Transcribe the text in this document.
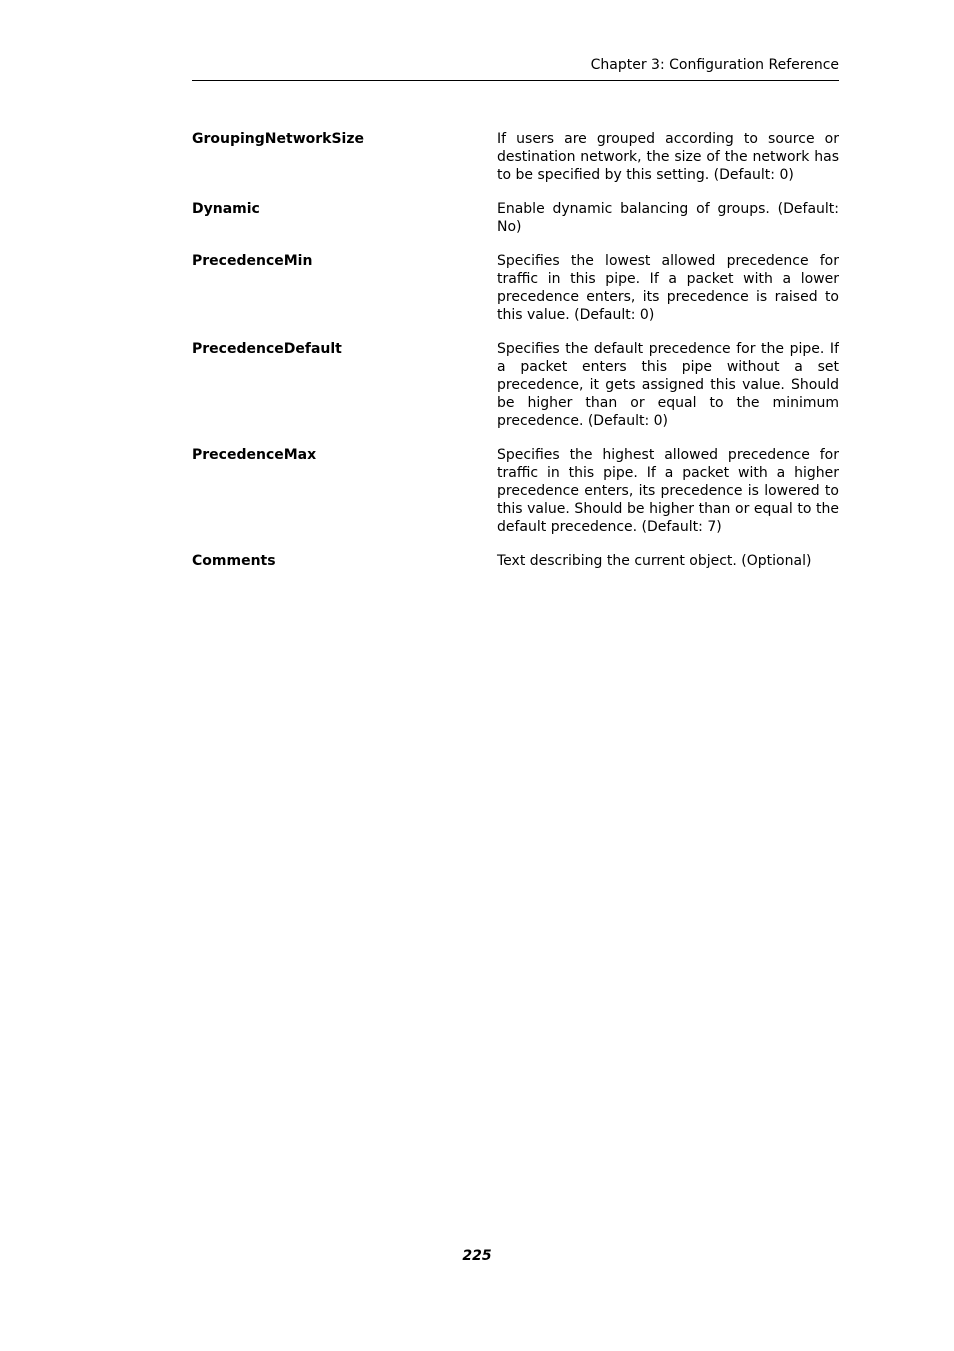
Chapter 3: Configuration Reference
GroupingNetworkSize	If users are grouped according to source or destination network, the size of the network has to be specified by this setting. (Default: 0)
Dynamic	Enable dynamic balancing of groups. (Default: No)
PrecedenceMin	Specifies the lowest allowed precedence for traffic in this pipe. If a packet with a lower precedence enters, its precedence is raised to this value. (Default: 0)
PrecedenceDefault	Specifies the default precedence for the pipe. If a packet enters this pipe without a set precedence, it gets assigned this value. Should be higher than or equal to the minimum precedence. (Default: 0)
PrecedenceMax	Specifies the highest allowed precedence for traffic in this pipe. If a packet with a higher precedence enters, its precedence is lowered to this value. Should be higher than or equal to the default precedence. (Default: 7)
Comments	Text describing the current object. (Optional)
225
